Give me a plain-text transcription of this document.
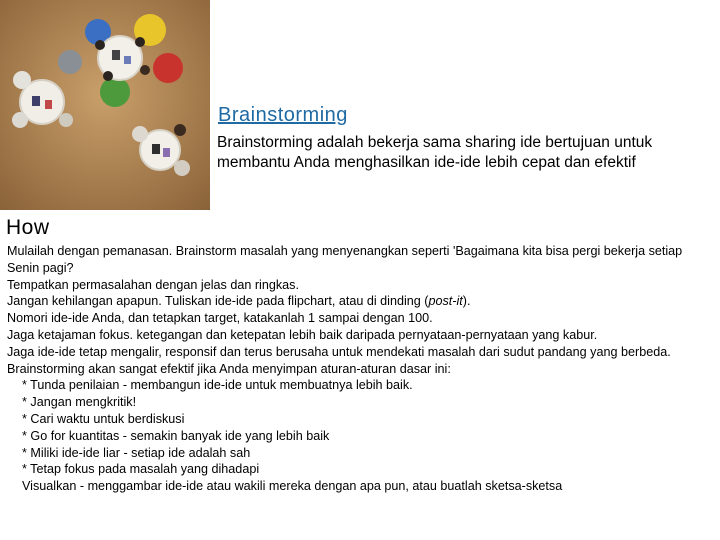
Brainstorming
Brainstorming adalah bekerja sama sharing ide bertujuan untuk membantu Anda menghasilkan ide-ide lebih cepat dan efektif
How
Mulailah dengan pemanasan. Brainstorm masalah yang menyenangkan seperti 'Bagaimana kita bisa pergi bekerja setiap Senin pagi?
Tempatkan permasalahan dengan jelas dan ringkas.
Jangan kehilangan apapun. Tuliskan ide-ide pada flipchart, atau di dinding (post-it).
Nomori ide-ide Anda, dan tetapkan target, katakanlah 1 sampai dengan 100.
Jaga ketajaman fokus. ketegangan dan ketepatan lebih baik daripada pernyataan-pernyataan yang kabur.
Jaga ide-ide tetap mengalir, responsif dan terus berusaha untuk mendekati masalah dari sudut pandang yang berbeda.
Brainstorming akan sangat efektif jika Anda menyimpan aturan-aturan dasar ini:
* Tunda penilaian - membangun ide-ide untuk membuatnya lebih baik.
* Jangan mengkritik!
* Cari waktu untuk berdiskusi
* Go for kuantitas - semakin banyak ide yang lebih baik
* Miliki ide-ide liar - setiap ide adalah sah
* Tetap fokus pada masalah yang dihadapi
Visualkan - menggambar ide-ide atau wakili mereka dengan apa pun, atau buatlah sketsa-sketsa
